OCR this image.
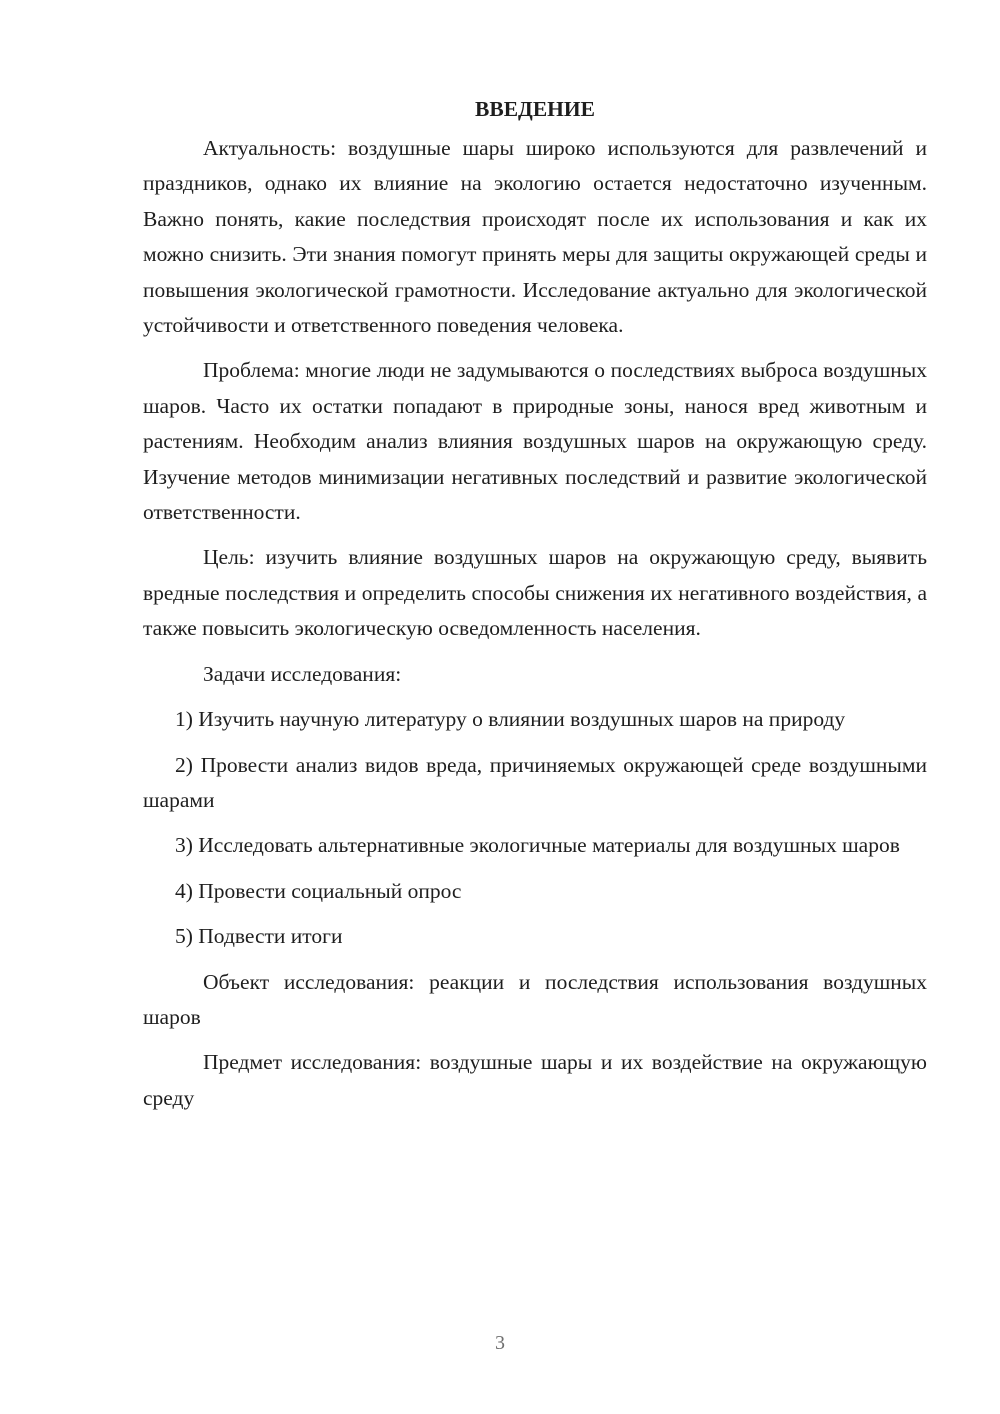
ВВЕДЕНИЕ

Актуальность: воздушные шары широко используются для развлечений и праздников, однако их влияние на экологию остается недостаточно изученным. Важно понять, какие последствия происходят после их использования и как их можно снизить. Эти знания помогут принять меры для защиты окружающей среды и повышения экологической грамотности. Исследование актуально для экологической устойчивости и ответственного поведения человека.

Проблема: многие люди не задумываются о последствиях выброса воздушных шаров. Часто их остатки попадают в природные зоны, нанося вред животным и растениям. Необходим анализ влияния воздушных шаров на окружающую среду. Изучение методов минимизации негативных последствий и развитие экологической ответственности.

Цель: изучить влияние воздушных шаров на окружающую среду, выявить вредные последствия и определить способы снижения их негативного воздействия, а также повысить экологическую осведомленность населения.

Задачи исследования:

1) Изучить научную литературу о влиянии воздушных шаров на природу

2) Провести анализ видов вреда, причиняемых окружающей среде воздушными шарами

3) Исследовать альтернативные экологичные материалы для воздушных шаров

4) Провести социальный опрос

5) Подвести итоги

Объект исследования: реакции и последствия использования воздушных шаров

Предмет исследования: воздушные шары и их воздействие на окружающую среду

3
